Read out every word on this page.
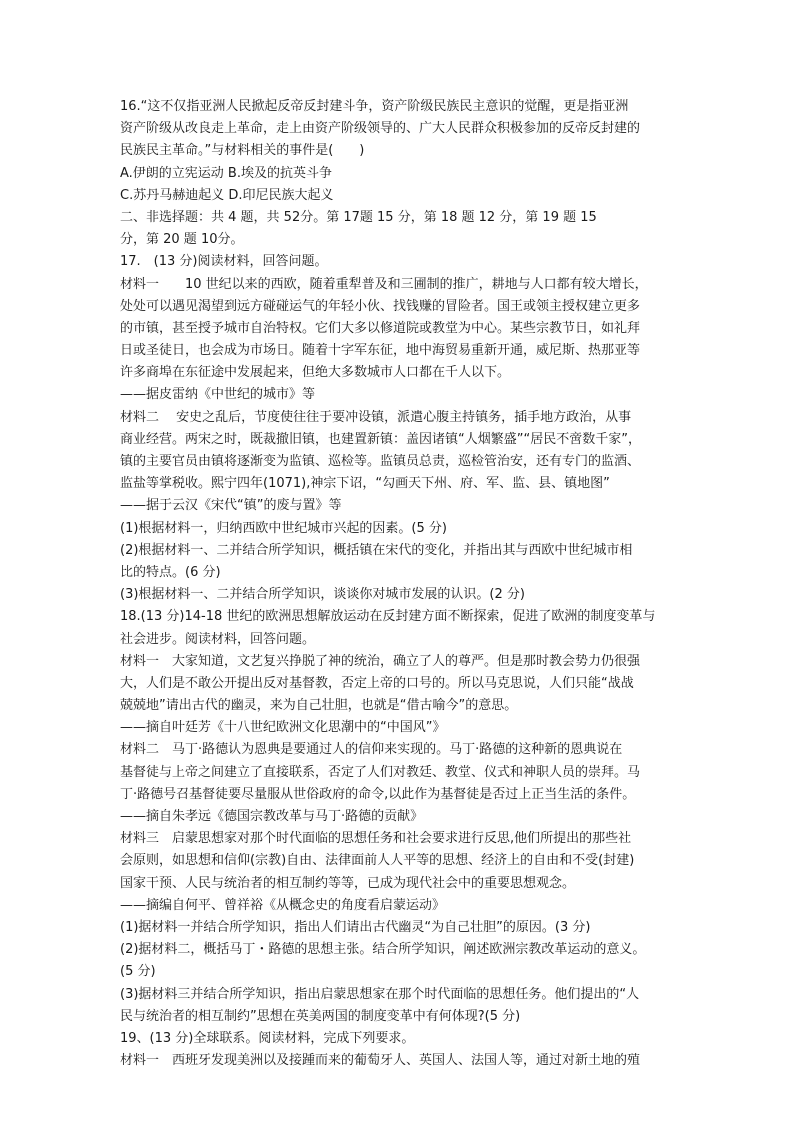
16.“这不仅指亚洲人民掀起反帝反封建斗争，资产阶级民族民主意识的觉醒，更是指亚洲
资产阶级从改良走上革命，走上由资产阶级领导的、广大人民群众积极参加的反帝反封建的
民族民主革命。”与材料相关的事件是(　　)
A.伊朗的立宪运动 B.埃及的抗英斗争
C.苏丹马赫迪起义 D.印尼民族大起义
二、非选择题：共 4 题，共 52分。第 17题 15 分，第 18 题 12 分，第 19 题 15
分，第 20 题 10分。
17.　(13 分)阅读材料，回答问题。
材料一　　10 世纪以来的西欧，随着重犁普及和三圃制的推广，耕地与人口都有较大增长，
处处可以遇见渴望到远方碰碰运气的年轻小伙、找钱赚的冒险者。国王或领主授权建立更多
的市镇，甚至授予城市自治特权。它们大多以修道院或教堂为中心。某些宗教节日，如礼拜
日或圣徒日，也会成为市场日。随着十字军东征，地中海贸易重新开通，威尼斯、热那亚等
许多商埠在东征途中发展起来，但绝大多数城市人口都在千人以下。
——据皮雷纳《中世纪的城市》等
材料二　 安史之乱后，节度使往往于要冲设镇，派遣心腹主持镇务，插手地方政治，从事
商业经营。两宋之时，既裁撤旧镇，也建置新镇：盖因诸镇“人烟繁盛”“居民不啻数千家”，
镇的主要官员由镇将逐渐变为监镇、巡检等。监镇员总责，巡检管治安，还有专门的监酒、
监盐等掌税收。熙宁四年(1071),神宗下诏，“勾画天下州、府、军、监、县、镇地图”
——据于云汉《宋代“镇”的废与置》等
(1)根据材料一，归纳西欧中世纪城市兴起的因素。(5 分)
(2)根据材料一、二并结合所学知识，概括镇在宋代的变化，并指出其与西欧中世纪城市相
比的特点。(6 分)
(3)根据材料一、二并结合所学知识，谈谈你对城市发展的认识。(2 分)
18.(13 分)14-18 世纪的欧洲思想解放运动在反封建方面不断探索，促进了欧洲的制度变革与
社会进步。阅读材料，回答问题。
材料一　大家知道，文艺复兴挣脱了神的统治，确立了人的尊严。但是那时教会势力仍很强
大，人们是不敢公开提出反对基督教，否定上帝的口号的。所以马克思说，人们只能“战战
兢兢地”请出古代的幽灵，来为自己壮胆，也就是“借古喻今”的意思。
——摘自叶廷芳《十八世纪欧洲文化思潮中的“中国风”》
材料二　马丁·路德认为恩典是要通过人的信仰来实现的。马丁·路德的这种新的恩典说在
基督徒与上帝之间建立了直接联系，否定了人们对教廷、教堂、仪式和神职人员的崇拜。马
丁·路德号召基督徒要尽量服从世俗政府的命令,以此作为基督徒是否过上正当生活的条件。
——摘自朱孝远《德国宗教改革与马丁·路德的贡献》
材料三　启蒙思想家对那个时代面临的思想任务和社会要求进行反思,他们所提出的那些社
会原则，如思想和信仰(宗教)自由、法律面前人人平等的思想、经济上的自由和不受(封建)
国家干预、人民与统治者的相互制约等等，已成为现代社会中的重要思想观念。
——摘编自何平、曾祥裕《从概念史的角度看启蒙运动》
(1)据材料一并结合所学知识，指出人们请出古代幽灵“为自己壮胆”的原因。(3 分)
(2)据材料二，概括马丁・路德的思想主张。结合所学知识，阐述欧洲宗教改革运动的意义。
(5 分)
(3)据材料三并结合所学知识，指出启蒙思想家在那个时代面临的思想任务。他们提出的“人
民与统治者的相互制约”思想在英美两国的制度变革中有何体现?(5 分)
19、(13 分)全球联系。阅读材料，完成下列要求。
材料一　西班牙发现美洲以及接踵而来的葡萄牙人、英国人、法国人等，通过对新土地的殖
